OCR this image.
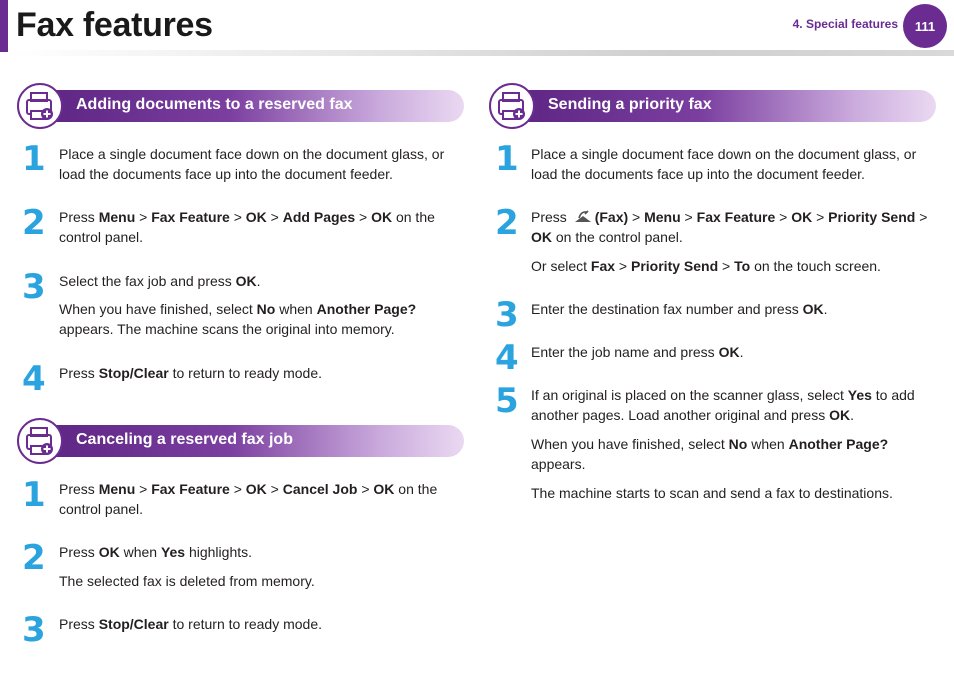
Fax features	4. Special features 111
Adding documents to a reserved fax
1 Place a single document face down on the document glass, or load the documents face up into the document feeder.
2 Press Menu > Fax Feature > OK > Add Pages > OK on the control panel.
3 Select the fax job and press OK.
When you have finished, select No when Another Page? appears. The machine scans the original into memory.
4 Press Stop/Clear to return to ready mode.
Canceling a reserved fax job
1 Press Menu > Fax Feature > OK > Cancel Job > OK on the control panel.
2 Press OK when Yes highlights.
The selected fax is deleted from memory.
3 Press Stop/Clear to return to ready mode.
Sending a priority fax
1 Place a single document face down on the document glass, or load the documents face up into the document feeder.
2 Press (Fax) > Menu > Fax Feature > OK > Priority Send > OK on the control panel.
Or select Fax > Priority Send > To on the touch screen.
3 Enter the destination fax number and press OK.
4 Enter the job name and press OK.
5 If an original is placed on the scanner glass, select Yes to add another pages. Load another original and press OK.
When you have finished, select No when Another Page?
appears.
The machine starts to scan and send a fax to destinations.
